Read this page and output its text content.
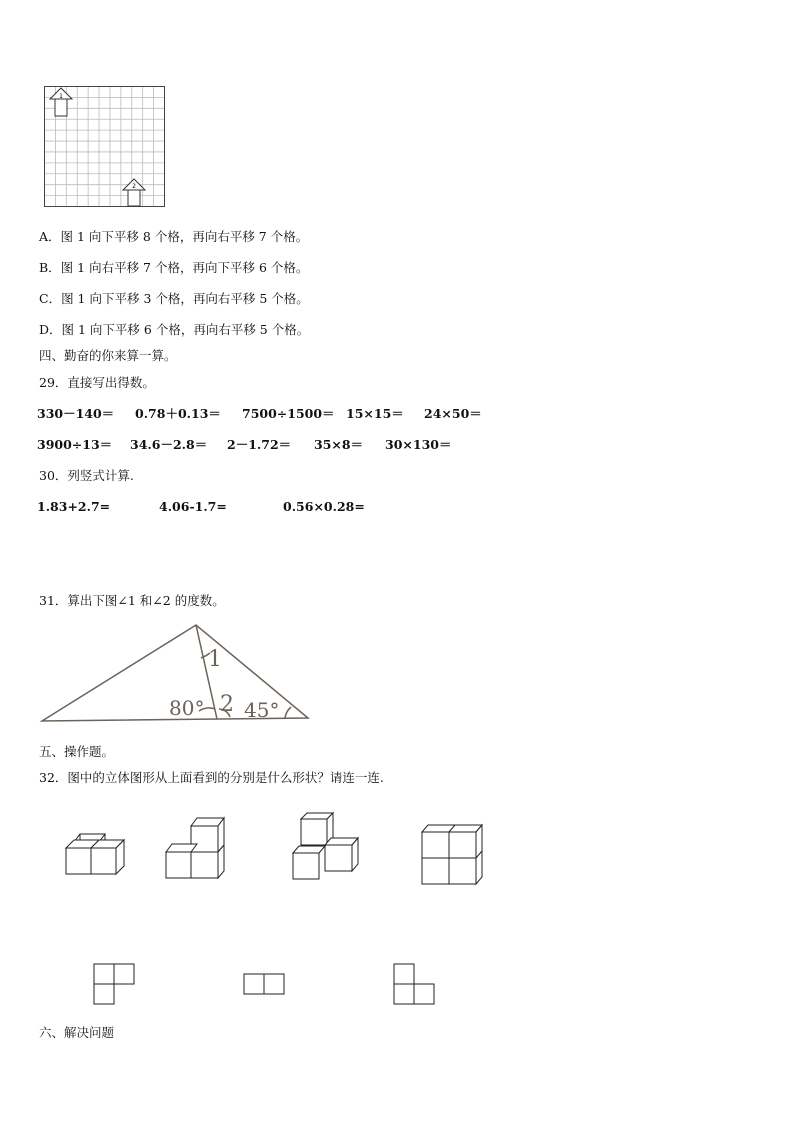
1
2
A．图 1 向下平移 8 个格，再向右平移 7 个格。
B．图 1 向右平移 7 个格，再向下平移 6 个格。
C．图 1 向下平移 3 个格，再向右平移 5 个格。
D．图 1 向下平移 6 个格，再向右平移 5 个格。
四、勤奋的你来算一算。
29．直接写出得数。
330－140＝ 0.78＋0.13＝ 7500÷1500＝ 15×15＝ 24×50＝
3900÷13＝ 34.6－2.8＝ 2－1.72＝ 35×8＝ 30×130＝
30．列竖式计算.
1.83+2.7=	4.06-1.7=	0.56×0.28=
31．算出下图∠1 和∠2 的度数。
1
2
80° 45°
五、操作题。
32．图中的立体图形从上面看到的分别是什么形状？请连一连.
六、解决问题
